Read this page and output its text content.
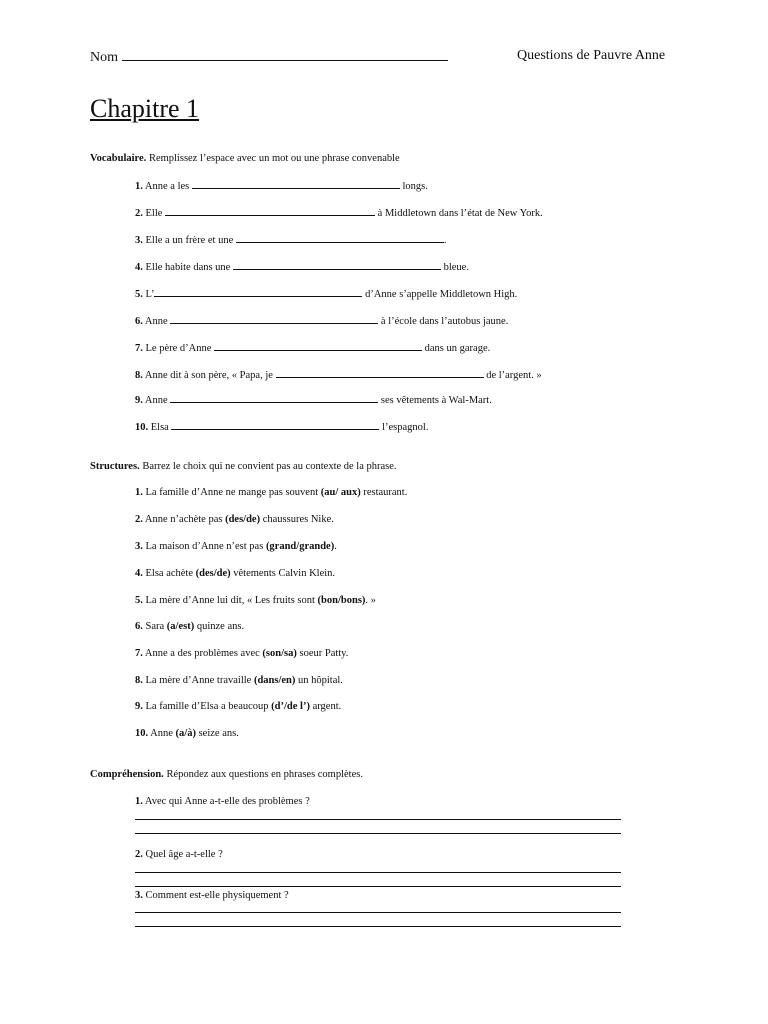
Nom	Questions de Pauvre Anne
Chapitre 1
Vocabulaire. Remplissez l’espace avec un mot ou une phrase convenable
1. Anne a les	longs.
2. Elle	à Middletown dans l’état de New York.
3. Elle a un frère et une	.
4. Elle habite dans une	bleue.
5. L’	d’Anne s’appelle Middletown High.
6. Anne	à l’école dans l’autobus jaune.
7. Le père d’Anne	dans un garage.
8. Anne dit à son père, « Papa, je	de l’argent. »
9. Anne	ses vêtements à Wal-Mart.
10. Elsa	l’espagnol.
Structures. Barrez le choix qui ne convient pas au contexte de la phrase.
1. La famille d’Anne ne mange pas souvent (au/ aux) restaurant.
2. Anne n’achète pas (des/de) chaussures Nike.
3. La maison d’Anne n’est pas (grand/grande).
4. Elsa achète (des/de) vêtements Calvin Klein.
5. La mère d’Anne lui dit, « Les fruits sont (bon/bons). »
6. Sara (a/est) quinze ans.
7. Anne a des problèmes avec (son/sa) soeur Patty.
8. La mère d’Anne travaille (dans/en) un hôpital.
9. La famille d’Elsa a beaucoup (d’/de l’) argent.
10. Anne (a/à) seize ans.
Compréhension. Répondez aux questions en phrases complètes.
1. Avec qui Anne a-t-elle des problèmes ?
2. Quel âge a-t-elle ?
3. Comment est-elle physiquement ?
